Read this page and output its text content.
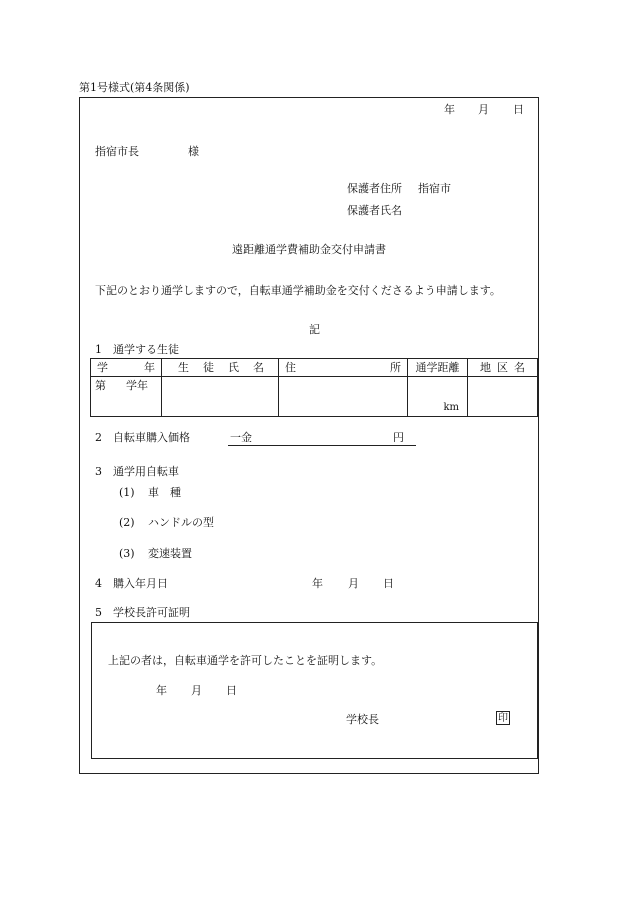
第1号様式(第4条関係)
年 月 日
指宿市長	様
保護者住所 指宿市
保護者氏名
遠距離通学費補助金交付申請書
下記のとおり通学しますので，自転車通学補助金を交付くださるよう申請します。
記
1　通学する生徒
学 年	生 徒 氏 名	住 所	通学距離	地 区 名

第 学年			km	

2　自転車購入価格	一金	円
3　通学用自転車
(1) 車　種
(2) ハンドルの型
(3) 変速装置
4　購入年月日	年 月 日
5　学校長許可証明
上記の者は，自転車通学を許可したことを証明します。
年 月 日
学校長	印
